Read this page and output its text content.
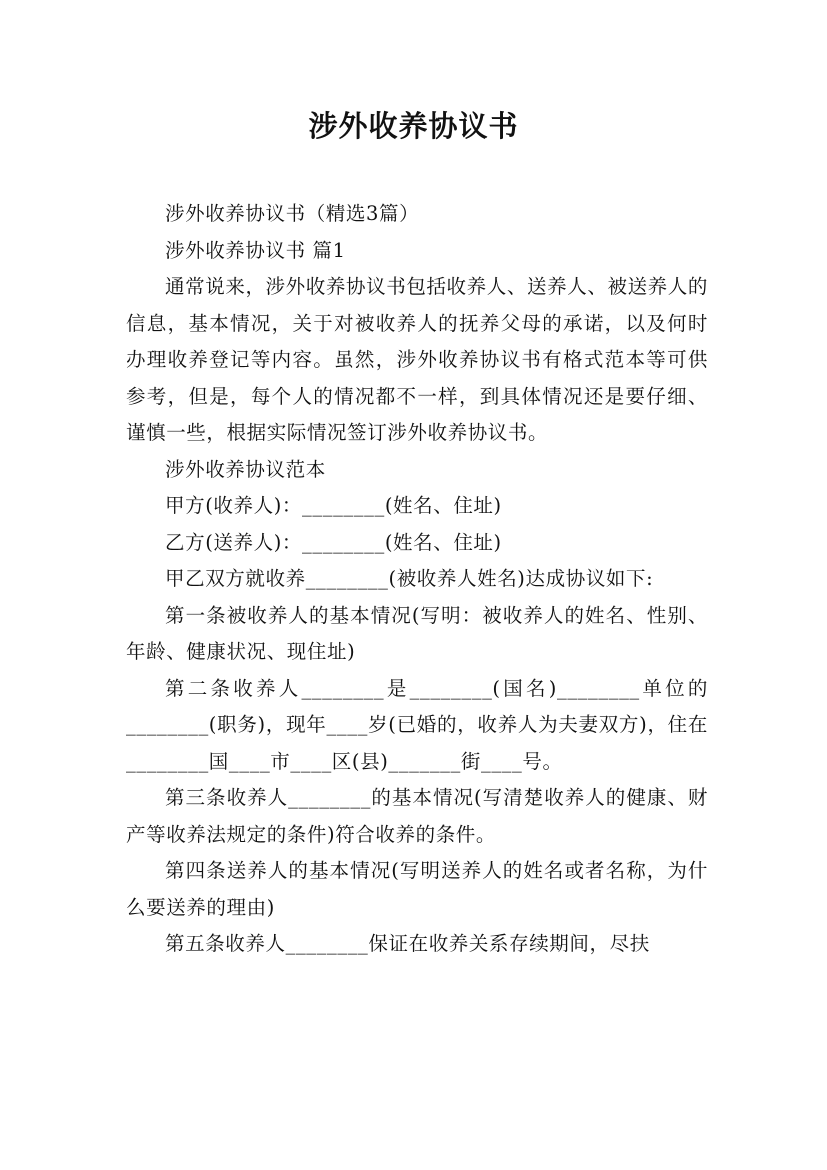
涉外收养协议书

涉外收养协议书（精选3篇）

涉外收养协议书 篇1

通常说来，涉外收养协议书包括收养人、送养人、被送养人的信息，基本情况，关于对被收养人的抚养父母的承诺，以及何时办理收养登记等内容。虽然，涉外收养协议书有格式范本等可供参考，但是，每个人的情况都不一样，到具体情况还是要仔细、谨慎一些，根据实际情况签订涉外收养协议书。

涉外收养协议范本

甲方(收养人)：________(姓名、住址)

乙方(送养人)：________(姓名、住址)

甲乙双方就收养________(被收养人姓名)达成协议如下:

第一条被收养人的基本情况(写明：被收养人的姓名、性别、年龄、健康状况、现住址)

第二条收养人________是________(国名)________单位的________(职务)，现年____岁(已婚的，收养人为夫妻双方)，住在________国____市____区(县)_______街____号。

第三条收养人________的基本情况(写清楚收养人的健康、财产等收养法规定的条件)符合收养的条件。

第四条送养人的基本情况(写明送养人的姓名或者名称，为什么要送养的理由)

第五条收养人________保证在收养关系存续期间，尽扶
